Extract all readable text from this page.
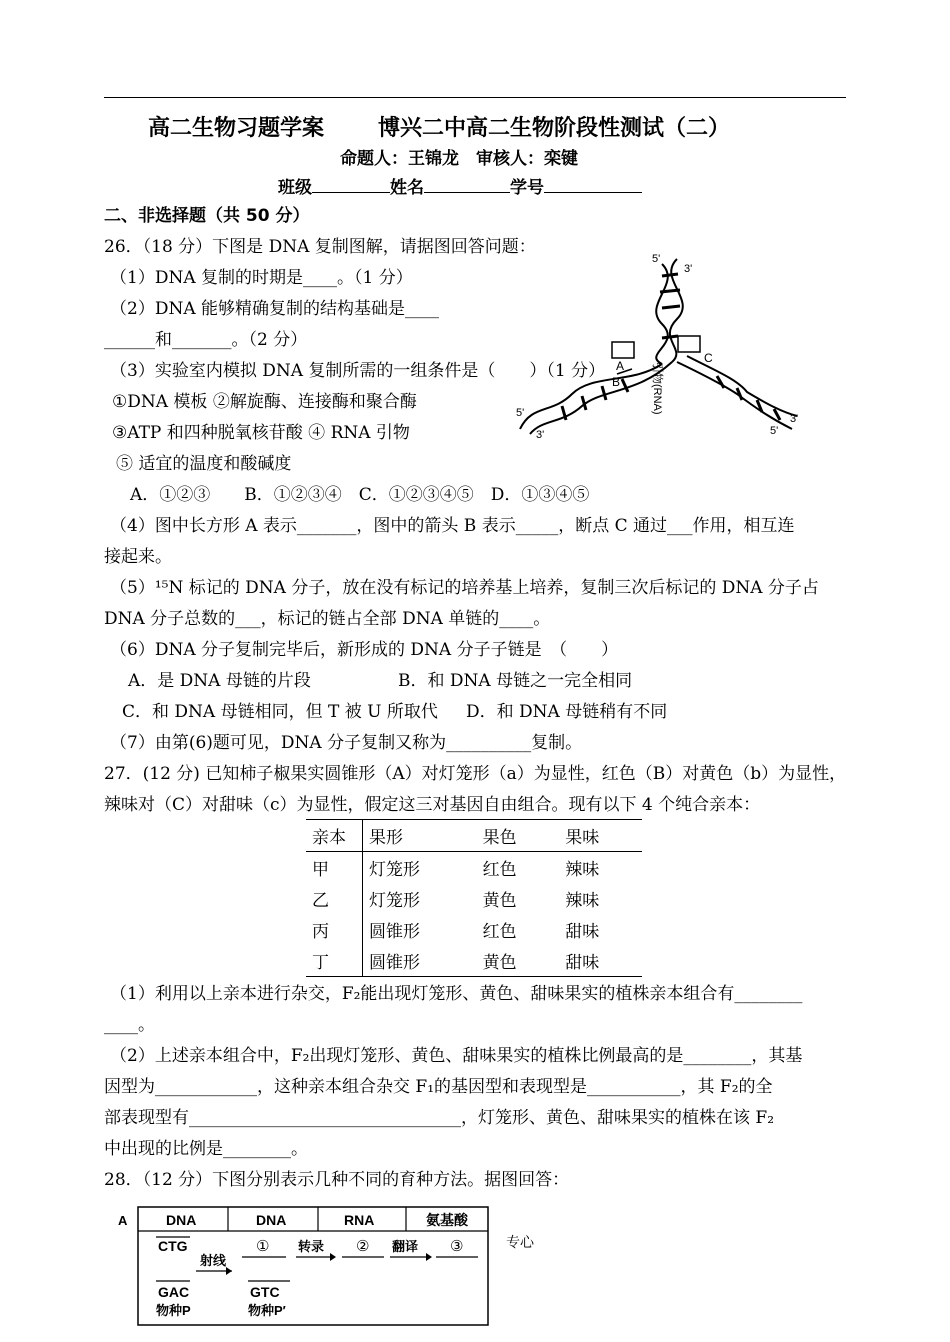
高二生物习题学案 博兴二中高二生物阶段性测试（二）
命题人：王锦龙　审核人：栾键
班级	姓名	学号
二、非选择题（共 50 分）
26．（18 分）下图是 DNA 复制图解，请据图回答问题：
（1）DNA 复制的时期是____。（1 分）
（2）DNA 能够精确复制的结构基础是____
______和_______。（2 分）
（3）实验室内模拟 DNA 复制所需的一组条件是（　　）（1 分）
①DNA 模板 ②解旋酶、连接酶和聚合酶
③ATP 和四种脱氧核苷酸 ④ RNA 引物
⑤ 适宜的温度和酸碱度
A．①②③　　B．①②③④　C．①②③④⑤　D．①③④⑤
（4）图中长方形 A 表示_______，图中的箭头 B 表示_____，断点 C 通过___作用，相互连
接起来。
（5）¹⁵N 标记的 DNA 分子，放在没有标记的培养基上培养，复制三次后标记的 DNA 分子占
DNA 分子总数的___，标记的链占全部 DNA 单链的____。
（6）DNA 分子复制完毕后，新形成的 DNA 分子子链是　（　　）
A．是 DNA 母链的片段	B．和 DNA 母链之一完全相同
C．和 DNA 母链相同，但 T 被 U 所取代 D．和 DNA 母链稍有不同
（7）由第(6)题可见，DNA 分子复制又称为__________复制。
A
B
C
引物(RNA)
5'
3'
5'
3'	5'
3'
27．(12 分) 已知柿子椒果实圆锥形（A）对灯笼形（a）为显性，红色（B）对黄色（b）为显性，
辣味对（C）对甜味（c）为显性，假定这三对基因自由组合。现有以下 4 个纯合亲本：
亲本	果形	果色	果味
甲	灯笼形	红色	辣味
乙	灯笼形	黄色	辣味
丙	圆锥形	红色	甜味
丁	圆锥形	黄色	甜味
（1）利用以上亲本进行杂交，F₂能出现灯笼形、黄色、甜味果实的植株亲本组合有________
____。
（2）上述亲本组合中，F₂出现灯笼形、黄色、甜味果实的植株比例最高的是________，其基
因型为____________，这种亲本组合杂交 F₁的基因型和表现型是___________，其 F₂的全
部表现型有________________________________，灯笼形、黄色、甜味果实的植株在该 F₂
中出现的比例是________。
28．（12 分）下图分别表示几种不同的育种方法。据图回答：
A	DNA	DNA	RNA	氨基酸
CTG
射线
① 转录 ② 翻译 ③
GAC
物种P
GTC
物种P′
专心
